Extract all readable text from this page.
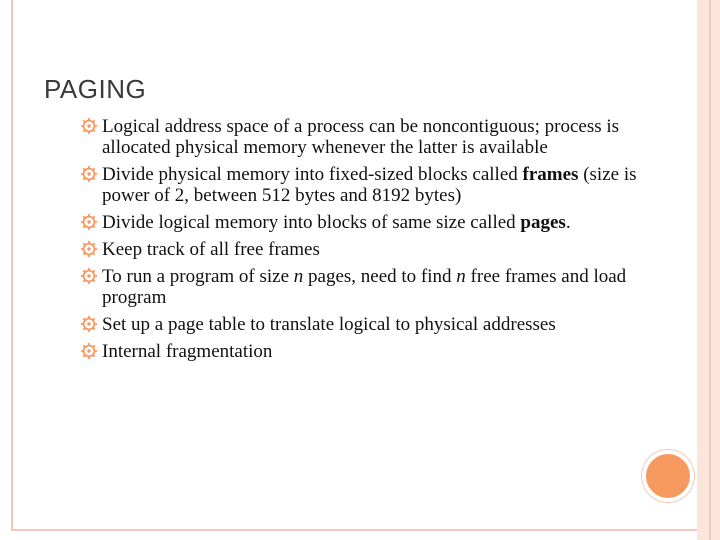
PAGING
Logical address space of a process can be noncontiguous; process is allocated physical memory whenever the latter is available
Divide physical memory into fixed-sized blocks called frames (size is power of 2, between 512 bytes and 8192 bytes)
Divide logical memory into blocks of same size called pages.
Keep track of all free frames
To run a program of size n pages, need to find n free frames and load program
Set up a page table to translate logical to physical addresses
Internal fragmentation
